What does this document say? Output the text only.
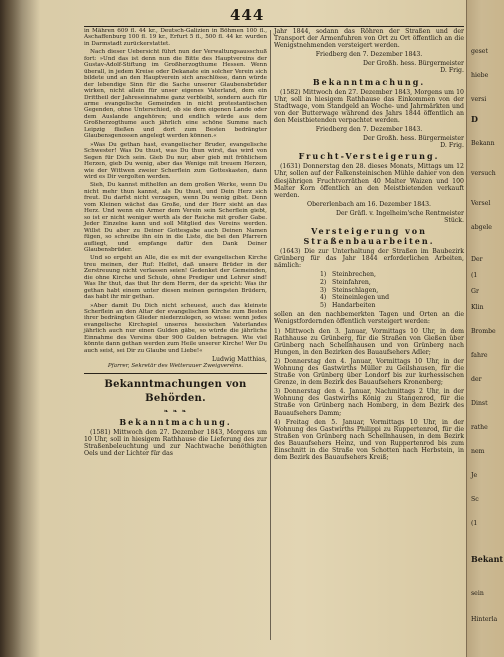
444

in Mähren 609 fl. 44 kr., Deutsch-Galizien in Böhmen 100 fl., Aschaffenburg 100 fl. 19 kr., Erfurt 5 fl., 500 fl. 44 kr. wurden in Darmstadt zurückerstattet.

Nach dieser Uebersicht führt nun der Verwaltungsausschuß fort: »Und das ist denn nun die Bitte des Hauptvereins der Gustav-Adolf-Stiftung im Großherzogthume Hessen. Wenn überall, in jedem Kreise oder Dekanate ein solcher Verein sich bildete und an den Hauptverein sich anschlösse, dann würde der lebendige Sinn für die Sache unserer Glaubensbrüder wirken, nicht allein für unser eigenes Vaterland, dem ein Drittheil der Jahreseinnahme ganz verbleibt, sondern auch für arme evangelische Gemeinden in nicht protestantischen Gegenden, ohne Unterschied, ob sie dem eigenen Lande oder dem Auslande angehören; und endlich würde aus dem Großherzogthume auch jährlich eine schöne Summe nach Leipzig fließen und dort zum Besten bedrängter Glaubensgenossen angelegt werden können.«

»Was Du gethan hast, evangelischer Bruder, evangelische Schwester! Was Du thust, was Du thun wirst, das wird von Segen für Dich sein. Gieb Du nur, aber gieb mit fröhlichem Herzen, gieb Du wenig, aber das Wenige mit treuem Herzen, wie der Wittwen zweier Scherflein zum Gotteskasten, dann wird es Dir vergolten werden.

Sieh, Du kannst mithelfen an dem großen Werke, wenn Du nicht mehr thun kannst, als Du thust, und Dein Herz sich freut. Du darfst nicht verzagen, wenn Du wenig gibst. Denn vom Kleinen wächst das Große, und der Herr sieht an das Herz. Und wenn ein Armer dem Verein sein Scherflein giebt, so ist er nicht weniger werth als der Reiche mit großer Gabe. Jeder Einzelne kann und soll Mitglied des Vereins werden. Willst Du aber zu Deiner Gottesgabe auch Deinen Namen fügen, so schreibe ihn ein in die Liste, die bei den Pfarrern aufliegt, und empfange dafür den Dank Deiner Glaubensbrüder.

Und so ergeht an Alle, die es mit der evangelischen Kirche treu meinen, der Ruf: Helfet, daß unsere Brüder in der Zerstreuung nicht verlassen seien! Gedenket der Gemeinden, die ohne Kirche und Schule, ohne Prediger und Lehrer sind! Was Ihr thut, das thut Ihr dem Herrn, der da spricht: Was ihr gethan habt einem unter diesen meinen geringsten Brüdern, das habt ihr mir gethan.

»Aber damit Du Dich nicht scheuest, auch das kleinste Scherflein an den Altar der evangelischen Kirche zum Besten ihrer bedrängten Glieder niederzulegen, so wisse: wenn jedes evangelische Kirchspiel unseres hessischen Vaterlandes jährlich auch nur einen Gulden gäbe, so würde die jährliche Einnahme des Vereins über 900 Gulden betragen. Wie viel könnte dann gethan werden zum Heile unserer Kirche! Wer Du auch seist, sei Dir zu Glaube und Liebe!«

Ludwig Matthias,

Pfarrer, Sekretär des Wetterauer Zweigvereins.

Bekanntmachungen von Behörden.
❧ ❧ ❧
Bekanntmachung.

(1581) Mittwoch den 27. Dezember 1843, Morgens um 10 Uhr, soll in hiesigem Rathhause die Lieferung des zur Straßenbeleuchtung und zur Nachtwache benöthigten Oels und der Lichter für das

Jahr 1844, sodann das Röhren der Straßen und der Transport der Armenfuhren von Ort zu Ort öffentlich an die Wenigstnehmenden versteigert werden.

Friedberg den 7. Dezember 1843.

Der Großh. hess. Bürgermeister

D. Frig.

Bekanntmachung.

(1582) Mittwoch den 27. Dezember 1843, Morgens um 10 Uhr, soll in hiesigem Rathhause das Einkommen von der Stadtwage, vom Standgeld an Woche- und Jahrmärkten und von der Butterwage während des Jahrs 1844 öffentlich an den Meistbietenden verpachtet werden.

Friedberg den 7. Dezember 1843.

Der Großh. hess. Bürgermeister

D. Frig.

Frucht-Versteigerung.

(1631) Donnerstag den 28. dieses Monats, Mittags um 12 Uhr, sollen auf der Falkensteinischen Mühle dahier von den diesjährigen Fruchtvorräthen 40 Malter Waizen und 100 Malter Korn öffentlich an den Meistbietenden verkauft werden.

Obererlenbach am 16. Dezember 1843.

Der Gräfl. v. Ingelheim'sche Rentmeister

Stück.

Versteigerung von Straßenbauarbeiten.

(1643) Die zur Unterhaltung der Straßen im Baubezirk Grünberg für das Jahr 1844 erforderlichen Arbeiten, nämlich:

1) Steinbrechen,
2) Steinfahren,
3) Steinschlagen,
4) Steineinlegen und
5) Handarbeiten

sollen an den nachbemerkten Tagen und Orten an die Wenigstfordernden öffentlich versteigert werden:

1) Mittwoch den 3. Januar, Vormittags 10 Uhr, in dem Rathhause zu Grünberg, für die Straßen von Gießen über Grünberg nach Schellnhausen und von Grünberg nach Hungen, in den Bezirken des Bauaufsehers Adler;

2) Donnerstag den 4. Januar, Vormittags 10 Uhr, in der Wohnung des Gastwirths Müller zu Geilshausen, für die Straße von Grünberg über Londorf bis zur kurhessischen Grenze, in dem Bezirk des Bauaufsehers Kronenberg;

3) Donnerstag den 4. Januar, Nachmittags 2 Uhr, in der Wohnung des Gastwirths König zu Stangenrod, für die Straße von Grünberg nach Homberg, in dem Bezirk des Bauaufsehers Damm;

4) Freitag den 5. Januar, Vormittags 10 Uhr, in der Wohnung des Gastwirths Philippi zu Ruppertenrod, für die Straßen von Grünberg nach Schellnhausen, in dem Bezirk des Bauaufsehers Heinz, und von Ruppertenrod bis zum Einschnitt in die Straße von Schotten nach Herbstein, in dem Bezirk des Bauaufsehers Kreiß;

geset
hiebe
versi
D
Bekann
versuch
Versel
abgele
Der
(1
Gr
Klin
Brombe
fahre
der
Dinst
rathe
nem
Je
Sc
(1
Bekant
sein
Hinterla
